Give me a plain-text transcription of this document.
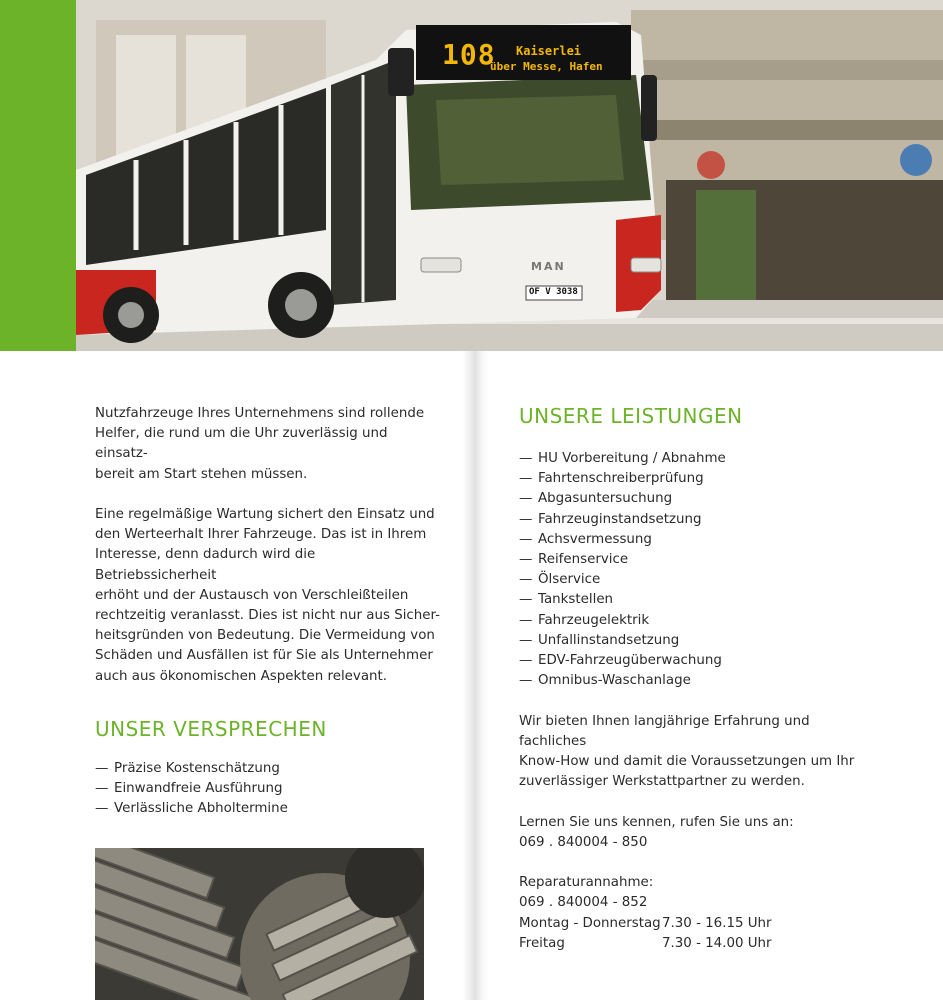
108 Kaiserlei
über Messe, Hafen
MAN
OF V 3038
Nutzfahrzeuge Ihres Unternehmens sind rollende
Helfer, die rund um die Uhr zuverlässig und einsatz-
bereit am Start stehen müssen.
Eine regelmäßige Wartung sichert den Einsatz und
den Werteerhalt Ihrer Fahrzeuge. Das ist in Ihrem
Interesse, denn dadurch wird die Betriebssicherheit
erhöht und der Austausch von Verschleißteilen
rechtzeitig veranlasst. Dies ist nicht nur aus Sicher-
heitsgründen von Bedeutung. Die Vermeidung von
Schäden und Ausfällen ist für Sie als Unternehmer
auch aus ökonomischen Aspekten relevant.
UNSER VERSPRECHEN
— Präzise Kostenschätzung
— Einwandfreie Ausführung
— Verlässliche Abholtermine
UNSERE LEISTUNGEN
— HU Vorbereitung / Abnahme
— Fahrtenschreiberprüfung
— Abgasuntersuchung
— Fahrzeuginstandsetzung
— Achsvermessung
— Reifenservice
— Ölservice
— Tankstellen
— Fahrzeugelektrik
— Unfallinstandsetzung
— EDV-Fahrzeugüberwachung
— Omnibus-Waschanlage
Wir bieten Ihnen langjährige Erfahrung und fachliches
Know-How und damit die Voraussetzungen um Ihr
zuverlässiger Werkstattpartner zu werden.
Lernen Sie uns kennen, rufen Sie uns an:
069 . 840004 - 850
Reparaturannahme:
069 . 840004 - 852
Montag - Donnerstag 7.30 - 16.15 Uhr
Freitag	7.30 - 14.00 Uhr
